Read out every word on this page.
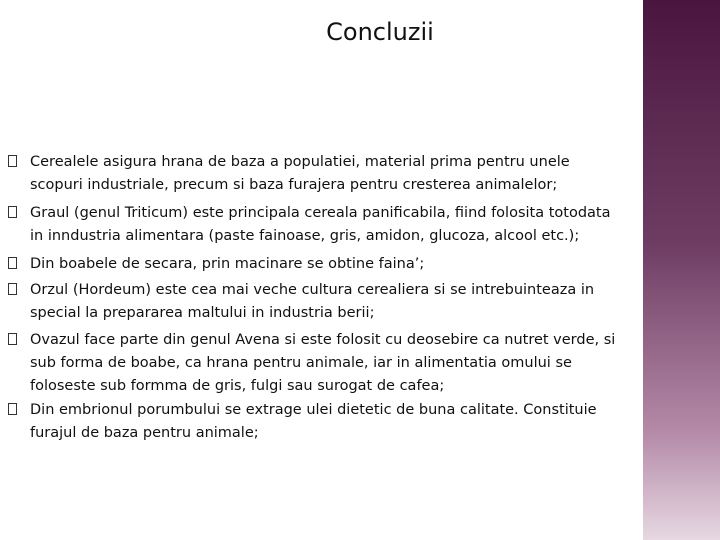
Concluzii
Cerealele asigura hrana de baza a populatiei, material prima pentru unele
scopuri industriale, precum si baza furajera pentru cresterea animalelor;
Graul (genul Triticum) este principala cereala panificabila, fiind folosita totodata
in inndustria alimentara (paste fainoase, gris, amidon, glucoza, alcool etc.);
Din boabele de secara, prin macinare se obtine faina’;
Orzul (Hordeum) este cea mai veche cultura cerealiera si se intrebuinteaza in
special la prepararea maltului in industria berii;
Ovazul face parte din genul Avena si este folosit cu deosebire ca nutret verde, si
sub forma de boabe, ca hrana pentru animale, iar in alimentatia omului se
foloseste sub formma de gris, fulgi sau surogat de cafea;
Din embrionul porumbului se extrage ulei dietetic de buna calitate. Constituie
furajul de baza pentru animale;
